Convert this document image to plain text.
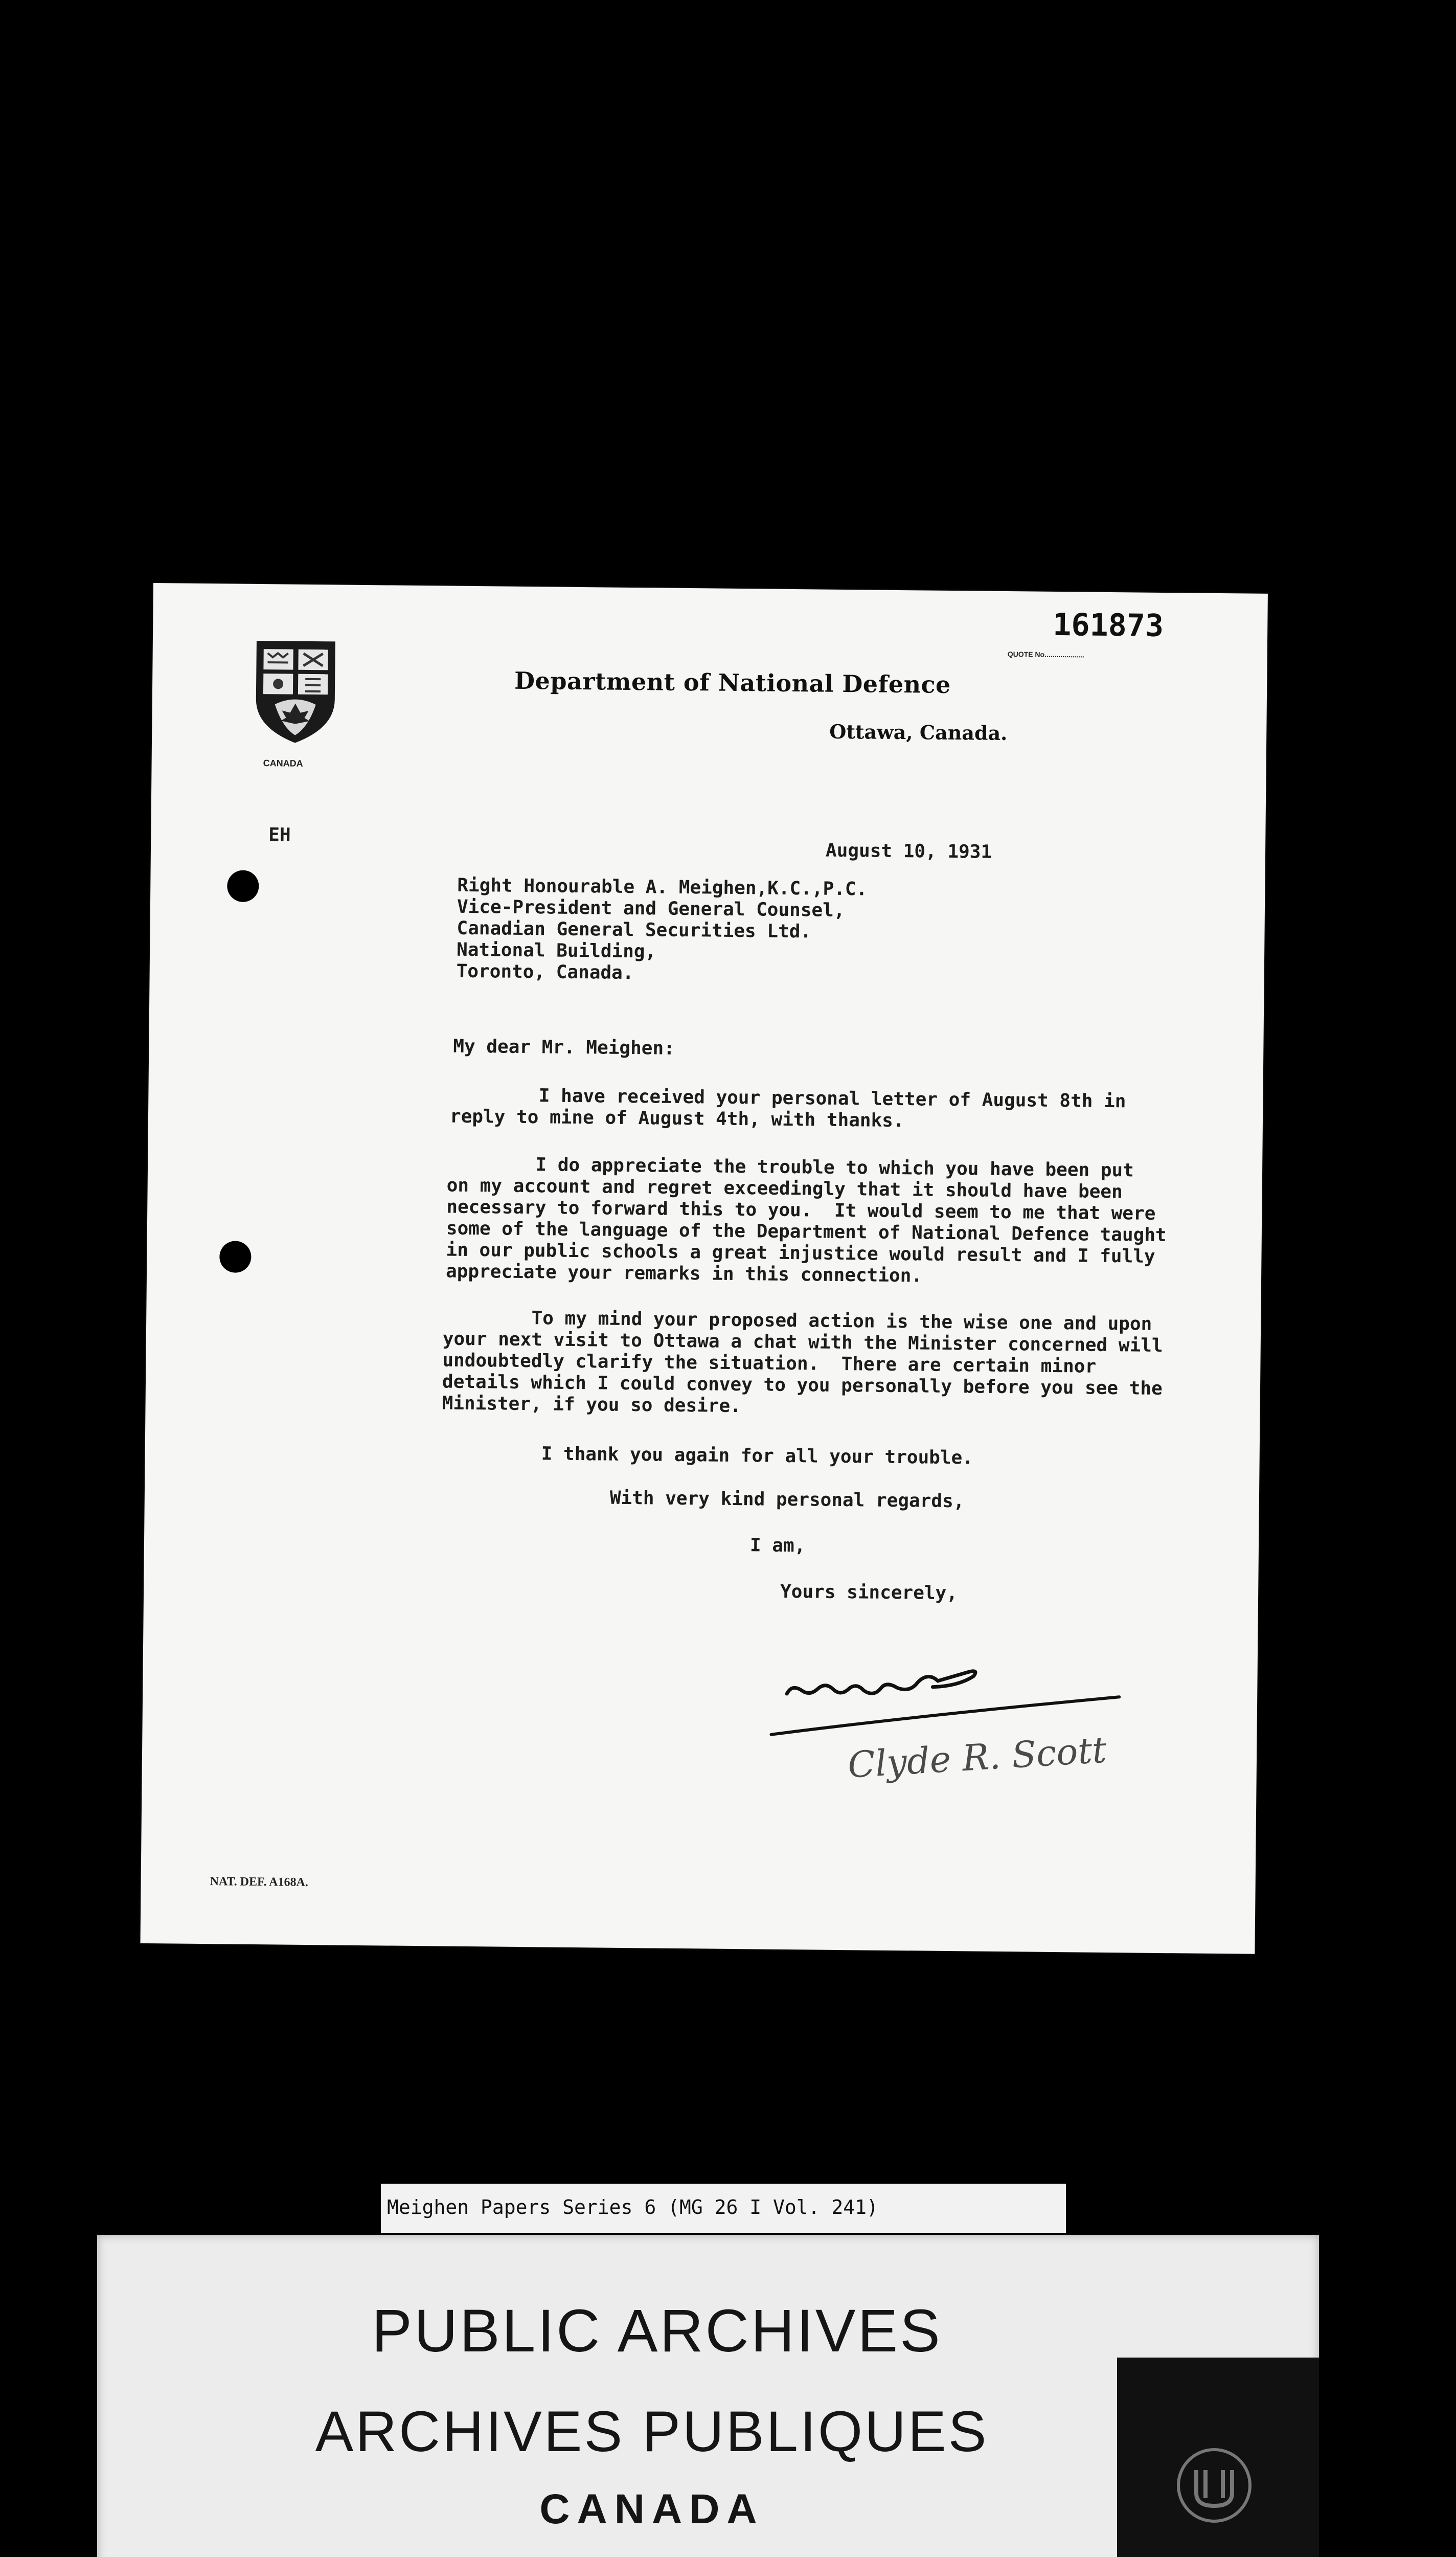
161873
QUOTE No....................
CANADA
Department of National Defence
Ottawa, Canada.
EH
August 10, 1931
Right Honourable A. Meighen,K.C.,P.C.
Vice-President and General Counsel,
Canadian General Securities Ltd.
National Building,
Toronto, Canada.
My dear Mr. Meighen:
I have received your personal letter of August 8th in
reply to mine of August 4th, with thanks.
I do appreciate the trouble to which you have been put
on my account and regret exceedingly that it should have been
necessary to forward this to you.  It would seem to me that were
some of the language of the Department of National Defence taught
in our public schools a great injustice would result and I fully
appreciate your remarks in this connection.
To my mind your proposed action is the wise one and upon
your next visit to Ottawa a chat with the Minister concerned will
undoubtedly clarify the situation.  There are certain minor
details which I could convey to you personally before you see the
Minister, if you so desire.
I thank you again for all your trouble.
With very kind personal regards,
I am,
Yours sincerely,
Clyde R. Scott
NAT. DEF. A168A.
Meighen Papers Series 6 (MG 26 I Vol. 241)
PUBLIC ARCHIVES
ARCHIVES PUBLIQUES
CANADA
